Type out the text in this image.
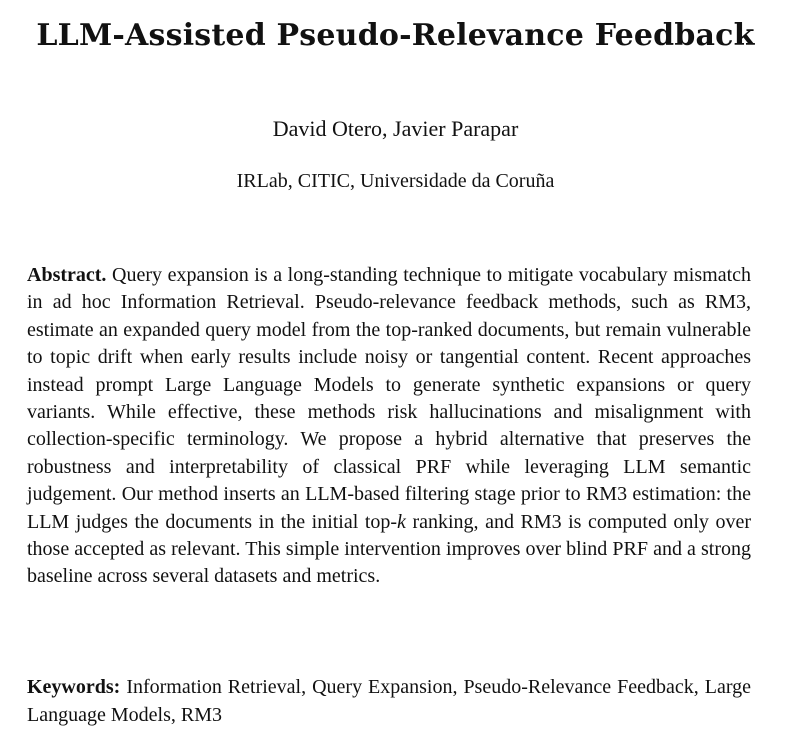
LLM-Assisted Pseudo-Relevance Feedback

David Otero, Javier Parapar

IRLab, CITIC, Universidade da Coruña

Abstract. Query expansion is a long-standing technique to mitigate vocabulary mismatch in ad hoc Information Retrieval. Pseudo-relevance feedback methods, such as RM3, estimate an expanded query model from the top-ranked documents, but remain vulnerable to topic drift when early results include noisy or tangential content. Recent approaches instead prompt Large Language Models to generate synthetic expansions or query variants. While effective, these methods risk hallucinations and misalignment with collection-specific terminology. We propose a hybrid alternative that preserves the robustness and interpretability of classical PRF while leveraging LLM semantic judgement. Our method inserts an LLM-based filtering stage prior to RM3 estimation: the LLM judges the documents in the initial top-k ranking, and RM3 is computed only over those accepted as relevant. This simple intervention improves over blind PRF and a strong baseline across several datasets and metrics.

Keywords: Information Retrieval, Query Expansion, Pseudo-Relevance Feedback, Large Language Models, RM3
